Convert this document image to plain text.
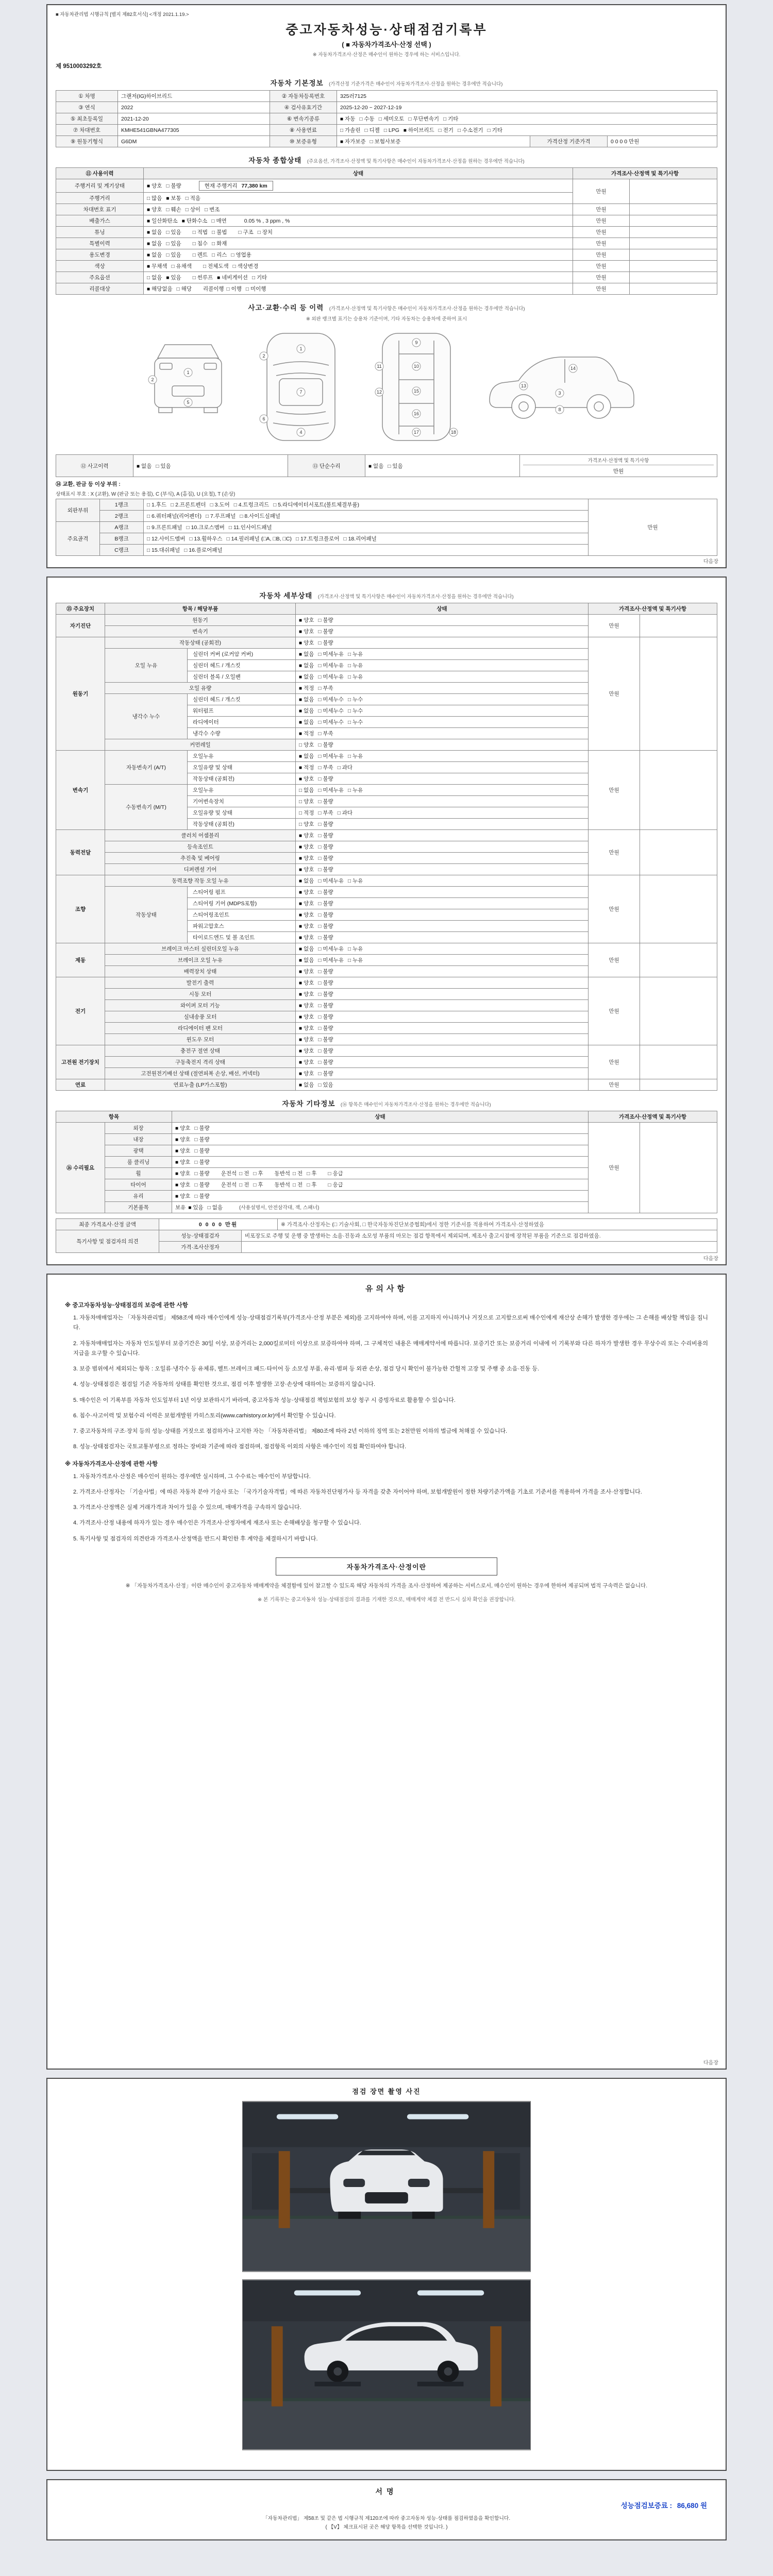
■ 자동차관리법 시행규칙 [별지 제82호서식] <개정 2021.1.19.>
중고자동차성능·상태점검기록부
( ■ 자동차가격조사·산정 선택 )
※ 자동차가격조사·산정은 매수인이 원하는 경우에 하는 서비스입니다.
제 9510003292호
자동차 기본정보 (가격산정 기준가격은 매수인이 자동차가격조사·산정을 원하는 경우에만 적습니다)
① 차명	그랜저(IG)하이브리드	② 자동차등록번호	325러7125		
③ 연식	2022	④ 검사유효기간	2025-12-20 ~ 2027-12-19		
⑤ 최초등록일	2021-12-20	⑥ 변속기종류	■ 자동 □ 수동 □ 세미오토 □ 무단변속기 □ 기타		
⑦ 차대번호	KMHE541GBNA477305	⑧ 사용연료	□ 가솔린 □ 디젤 □ LPG ■ 하이브리드 □ 전기 □ 수소전기 □ 기타		
⑨ 원동기형식	G6DM	⑩ 보증유형	■ 자가보증 □ 보험사보증	가격산정 기준가격	0 0 0 0 만원
자동차 종합상태 (주요옵션, 가격조사·산정액 및 특기사항은 매수인이 자동차가격조사·산정을 원하는 경우에만 적습니다)
⑪ 사용이력	상태	가격조사·산정액 및 특기사항	
주행거리 및 계기상태	■ 양호 □ 불량 현재 주행거리 77,380 km	만원	
주행거리	□ 많음 ■ 보통 □ 적음		
차대번호 표기	■ 양호 □ 훼손 □ 상이 □ 변조	만원	
배출가스	■ 일산화탄소 ■ 탄화수소 □ 매연 0.05 % , 3 ppm , %	만원	
튜닝	■ 없음 □ 있음 □ 적법 □ 불법 □ 구조 □ 장치	만원	
특별이력	■ 없음 □ 있음 □ 침수 □ 화재	만원	
용도변경	■ 없음 □ 있음 □ 렌트 □ 리스 □ 영업용	만원	
색상	■ 무채색 □ 유채색 □ 전체도색 □ 색상변경	만원	
주요옵션	□ 없음 ■ 있음 □ 썬루프 ■ 네비게이션 □ 기타	만원	
리콜대상	■ 해당없음 □ 해당 리콜이행 □ 이행 □ 미이행	만원	
사고·교환·수리 등 이력 (가격조사·산정액 및 특기사항은 매수인이 자동차가격조사·산정을 원하는 경우에만 적습니다)
※ 외판 랭크별 표기는 승용차 기준이며, 기타 자동차는 승용차에 준하여 표시
1
2
5
1
2
7
6
4
9
10
11
12	15
16
17	18
3
8
13
14
⑫ 사고이력	■ 없음 □ 있음	⑬ 단순수리	■ 없음 □ 있음	
가격조사·산정액 및 특기사항
만원
⑭ 교환, 판금 등 이상 부위 :
상태표시 부호 : X (교환), W (판금 또는 용접), C (부식), A (흠집), U (요철), T (손상)
외판부위	1랭크	□ 1.후드 □ 2.프론트펜더 □ 3.도어 □ 4.트렁크리드 □ 5.라디에이터서포트(볼트체결부품)	만원
	2랭크	□ 6.쿼터패널(리어펜더) □ 7.루프패널 □ 8.사이드실패널	
주요골격	A랭크	□ 9.프론트패널 □ 10.크로스멤버 □ 11.인사이드패널	
	B랭크	□ 12.사이드멤버 □ 13.휠하우스 □ 14.필러패널 (□A, □B, □C) □ 17.트렁크플로어 □ 18.리어패널	
	C랭크	□ 15.대쉬패널 □ 16.플로어패널	
다음장
자동차 세부상태 (가격조사·산정액 및 특기사항은 매수인이 자동차가격조사·산정을 원하는 경우에만 적습니다)
⑮ 주요장치	항목 / 해당부품		상태	가격조사·산정액 및 특기사항	
자기진단	원동기		■ 양호 □ 불량	만원	
	변속기		■ 양호 □ 불량		
원동기	작동상태 (공회전)		■ 양호 □ 불량	만원	
	오일 누유	실린더 커버 (로커암 커버)	■ 없음 □ 미세누유 □ 누유		
		실린더 헤드 / 개스킷	■ 없음 □ 미세누유 □ 누유		
		실린더 블록 / 오일팬	■ 없음 □ 미세누유 □ 누유		
	오일 유량		■ 적정 □ 부족		
	냉각수 누수	실린더 헤드 / 개스킷	■ 없음 □ 미세누수 □ 누수		
		워터펌프	■ 없음 □ 미세누수 □ 누수		
		라디에이터	■ 없음 □ 미세누수 □ 누수		
		냉각수 수량	■ 적정 □ 부족		
	커먼레일		□ 양호 □ 불량		
변속기	자동변속기 (A/T)	오일누유	■ 없음 □ 미세누유 □ 누유	만원	
		오일유량 및 상태	■ 적정 □ 부족 □ 과다		
		작동상태 (공회전)	■ 양호 □ 불량		
	수동변속기 (M/T)	오일누유	□ 없음 □ 미세누유 □ 누유		
		기어변속장치	□ 양호 □ 불량		
		오일유량 및 상태	□ 적정 □ 부족 □ 과다		
		작동상태 (공회전)	□ 양호 □ 불량		
동력전달	클러치 어셈블리		■ 양호 □ 불량	만원	
	등속조인트		■ 양호 □ 불량		
	추진축 및 베어링		■ 양호 □ 불량		
	디퍼렌셜 기어		■ 양호 □ 불량		
조향	동력조향 작동 오일 누유		■ 없음 □ 미세누유 □ 누유	만원	
	작동상태	스티어링 펌프	■ 양호 □ 불량		
		스티어링 기어 (MDPS포함)	■ 양호 □ 불량		
		스티어링조인트	■ 양호 □ 불량		
		파워고압호스	■ 양호 □ 불량		
		타이로드엔드 및 볼 조인트	■ 양호 □ 불량		
제동	브레이크 마스터 실린더오일 누유		■ 없음 □ 미세누유 □ 누유	만원	
	브레이크 오일 누유		■ 없음 □ 미세누유 □ 누유		
	배력장치 상태		■ 양호 □ 불량		
전기	발전기 출력		■ 양호 □ 불량	만원	
	시동 모터		■ 양호 □ 불량		
	와이퍼 모터 기능		■ 양호 □ 불량		
	실내송풍 모터		■ 양호 □ 불량		
	라디에이터 팬 모터		■ 양호 □ 불량		
	윈도우 모터		■ 양호 □ 불량		
고전원 전기장치	충전구 절연 상태		■ 양호 □ 불량	만원	
	구동축전지 격리 상태		■ 양호 □ 불량		
	고전원전기배선 상태 (절연피복 손상, 배선, 커넥터)		■ 양호 □ 불량		
연료	연료누출 (LP가스포함)		■ 없음 □ 있음	만원	
자동차 기타정보 (⑯ 항목은 매수인이 자동차가격조사·산정을 원하는 경우에만 적습니다)
항목		상태	가격조사·산정액 및 특기사항	
⑯ 수리필요	외장	■ 양호 □ 불량	만원	
	내장	■ 양호 □ 불량		
	광택	■ 양호 □ 불량		
	룸 클리닝	■ 양호 □ 불량		
	휠	■ 양호 □ 불량 운전석 □ 전 □ 후 동반석 □ 전 □ 후 □ 응급		
	타이어	■ 양호 □ 불량 운전석 □ 전 □ 후 동반석 □ 전 □ 후 □ 응급		
	유리	■ 양호 □ 불량		
	기본품목	보유 ■ 있음 □ 없음 (사용설명서, 안전삼각대, 잭, 스패너)		
최종 가격조사·산정 금액	0 0 0 0 만원	※ 가격조사·산정자는 (□ 기술사회, □ 한국자동차진단보증협회)에서 정한 기준서를 적용하여 가격조사·산정하였음
특기사항 및 점검자의 의견	성능·상태점검자	비포장도로 주행 및 운행 중 발생하는 소음·진동과 소모성 부품의 마모는 점검 항목에서 제외되며, 제조사 출고시점에 장착된 부품을 기준으로 점검하였음.
	가격·조사산정자	
다음장
유의사항
※ 중고자동차성능·상태점검의 보증에 관한 사항

1. 자동차매매업자는 「자동차관리법」 제58조에 따라 매수인에게 성능·상태점검기록부(가격조사·산정 부분은 제외)를 고지하여야 하며, 이를 고지하지 아니하거나 거짓으로 고지함으로써 매수인에게 재산상 손해가 발생한 경우에는 그 손해를 배상할 책임을 집니다.

2. 자동차매매업자는 자동차 인도일부터 보증기간은 30일 이상, 보증거리는 2,000킬로미터 이상으로 보증하여야 하며, 그 구체적인 내용은 매매계약서에 따릅니다. 보증기간 또는 보증거리 이내에 이 기록부와 다른 하자가 발생한 경우 무상수리 또는 수리비용의 지급을 요구할 수 있습니다.

3. 보증 범위에서 제외되는 항목 : 오일류·냉각수 등 유체류, 벨트·브레이크 패드·타이어 등 소모성 부품, 유리·범퍼 등 외관 손상, 점검 당시 확인이 불가능한 간헐적 고장 및 주행 중 소음·진동 등.

4. 성능·상태점검은 점검일 기준 자동차의 상태를 확인한 것으로, 점검 이후 발생한 고장·손상에 대하여는 보증하지 않습니다.

5. 매수인은 이 기록부를 자동차 인도일부터 1년 이상 보관하시기 바라며, 중고자동차 성능·상태점검 책임보험의 보상 청구 시 증빙자료로 활용할 수 있습니다.

6. 침수·사고이력 및 보험수리 이력은 보험개발원 카히스토리(www.carhistory.or.kr)에서 확인할 수 있습니다.

7. 중고자동차의 구조·장치 등의 성능·상태를 거짓으로 점검하거나 고지한 자는 「자동차관리법」 제80조에 따라 2년 이하의 징역 또는 2천만원 이하의 벌금에 처해질 수 있습니다.

8. 성능·상태점검자는 국토교통부령으로 정하는 장비와 기준에 따라 점검하며, 점검항목 이외의 사항은 매수인이 직접 확인하여야 합니다.

※ 자동차가격조사·산정에 관한 사항

1. 자동차가격조사·산정은 매수인이 원하는 경우에만 실시하며, 그 수수료는 매수인이 부담합니다.

2. 가격조사·산정자는 「기술사법」에 따른 자동차 분야 기술사 또는 「국가기술자격법」에 따른 자동차진단평가사 등 자격을 갖춘 자이어야 하며, 보험개발원이 정한 차량기준가액을 기초로 기준서를 적용하여 가격을 조사·산정합니다.

3. 가격조사·산정액은 실제 거래가격과 차이가 있을 수 있으며, 매매가격을 구속하지 않습니다.

4. 가격조사·산정 내용에 하자가 있는 경우 매수인은 가격조사·산정자에게 재조사 또는 손해배상을 청구할 수 있습니다.

5. 특기사항 및 점검자의 의견란과 가격조사·산정액을 반드시 확인한 후 계약을 체결하시기 바랍니다.

자동차가격조사·산정이란
※ 「자동차가격조사·산정」이란 매수인이 중고자동차 매매계약을 체결함에 있어 참고할 수 있도록 해당 자동차의 가격을 조사·산정하여 제공하는 서비스로서, 매수인이 원하는 경우에 한하여 제공되며 법적 구속력은 없습니다.
※ 본 기록부는 중고자동차 성능·상태점검의 결과를 기재한 것으로, 매매계약 체결 전 반드시 실차 확인을 권장합니다.
다음장
점검 장면 촬영 사진
서명
성능점검보증료 : 86,680 원
「자동차관리법」 제58조 및 같은 법 시행규칙 제120조에 따라 중고자동차 성능·상태를 점검하였음을 확인합니다.
( 【V】 체크표시된 곳은 해당 항목을 선택한 것입니다. )
